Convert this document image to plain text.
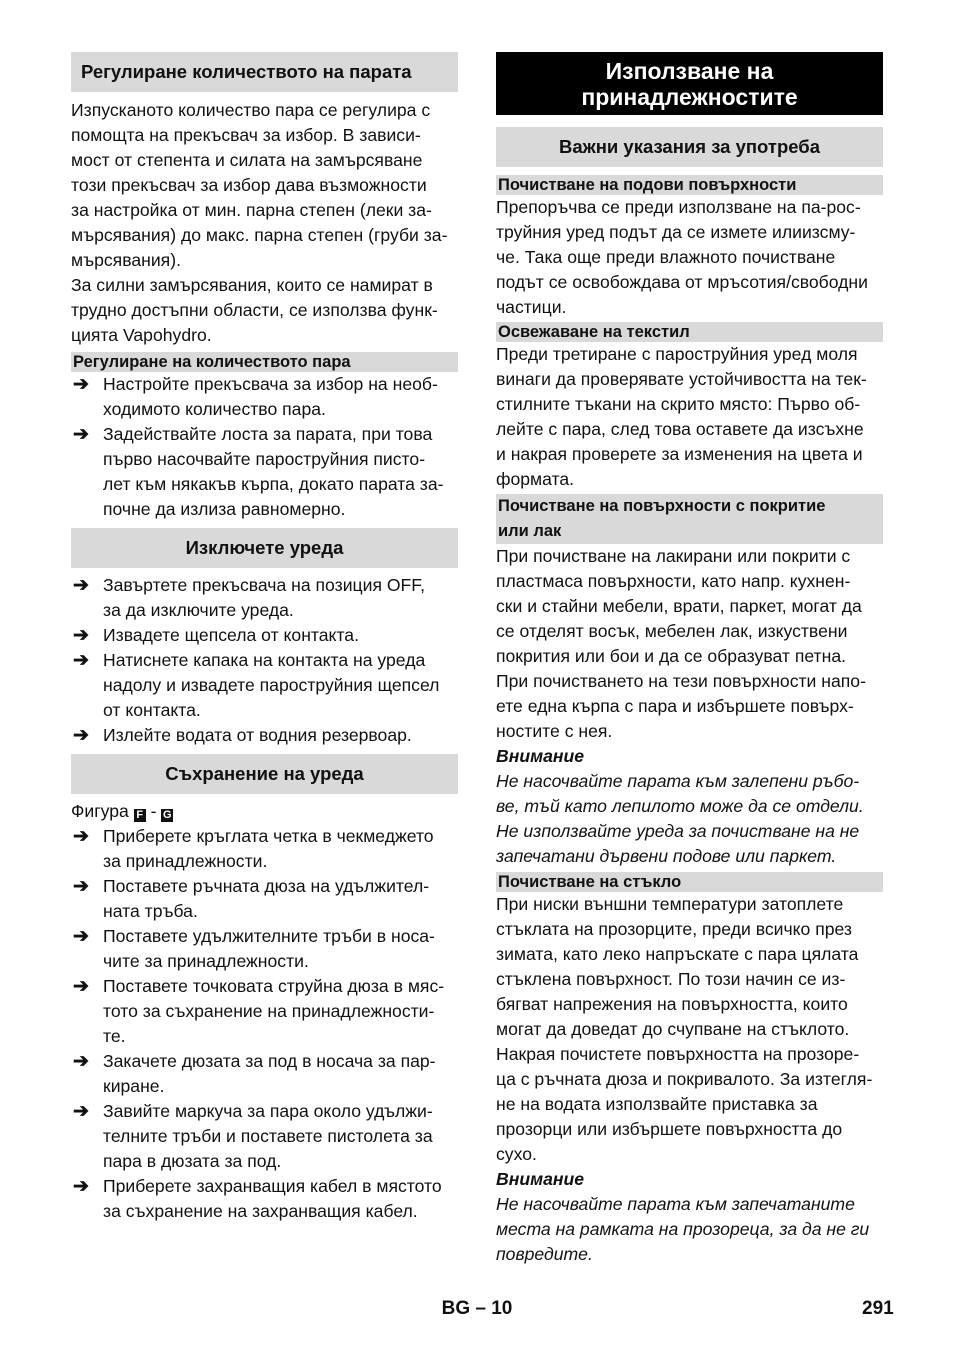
Регулиране количеството на парата

Изпусканото количество пара се регулира с
помощта на прекъсвач за избор. В зависи-
мост от степента и силата на замърсяване
този прекъсвач за избор дава възможности
за настройка от мин. парна степен (леки за-
мърсявания) до макс. парна степен (груби за-
мърсявания).

За силни замърсявания, които се намират в
трудно достъпни области, се използва функ-
цията Vapohydro.

Регулиране на количеството пара
➔ Настройте прекъсвача за избор на необ-
ходимото количество пара.
➔ Задействайте лоста за парата, при това
първо насочвайте пароструйния писто-
лет към някакъв кърпа, докато парата за-
почне да излиза равномерно.
Изключете уреда
➔ Завъртете прекъсвача на позиция OFF,
за да изключите уреда.
➔ Извадете щепсела от контакта.
➔ Натиснете капака на контакта на уреда
надолу и извадете пароструйния щепсел
от контакта.
➔ Излейте водата от водния резервоар.
Съхранение на уреда

Фигура F - G

➔ Приберете кръглата четка в чекмеджето
за принадлежности.
➔ Поставете ръчната дюза на удължител-
ната тръба.
➔ Поставете удължителните тръби в носа-
чите за принадлежности.
➔ Поставете точковата струйна дюза в мяс-
тото за съхранение на принадлежности-
те.
➔ Закачете дюзата за под в носача за пар-
киране.
➔ Завийте маркуча за пара около удължи-
телните тръби и поставете пистолета за
пара в дюзата за под.
➔ Приберете захранващия кабел в мястото
за съхранение на захранващия кабел.
Използване на
принадлежностите
Важни указания за употреба
Почистване на подови повърхности

Препоръчва се преди използване на па-рос-
труйния уред подът да се измете илиизсму-
че. Така още преди влажното почистване
подът се освобождава от мръсотия/свободни
частици.

Освежаване на текстил

Преди третиране с пароструйния уред моля
винаги да проверявате устойчивостта на тек-
стилните тъкани на скрито място: Първо об-
лейте с пара, след това оставете да изсъхне
и накрая проверете за изменения на цвета и
формата.

Почистване на повърхности с покритие
или лак

При почистване на лакирани или покрити с
пластмаса повърхности, като напр. кухнен-
ски и стайни мебели, врати, паркет, могат да
се отделят восък, мебелен лак, изкуствени
покрития или бои и да се образуват петна.
При почистването на тези повърхности напо-
ете една кърпа с пара и избършете повърх-
ностите с нея.

Внимание

Не насочвайте парата към залепени ръбо-
ве, тъй като лепилото може да се отдели.
Не използвайте уреда за почистване на не
запечатани дървени подове или паркет.

Почистване на стъкло

При ниски външни температури затоплете
стъклата на прозорците, преди всичко през
зимата, като леко напръскате с пара цялата
стъклена повърхност. По този начин се из-
бягват напрежения на повърхността, които
могат да доведат до счупване на стъклото.
Накрая почистете повърхността на прозоре-
ца с ръчната дюза и покривалото. За изтегля-
не на водата използвайте приставка за
прозорци или избършете повърхността до
сухо.

Внимание

Не насочвайте парата към запечатаните
места на рамката на прозореца, за да не ги
повредите.

BG – 10	291
